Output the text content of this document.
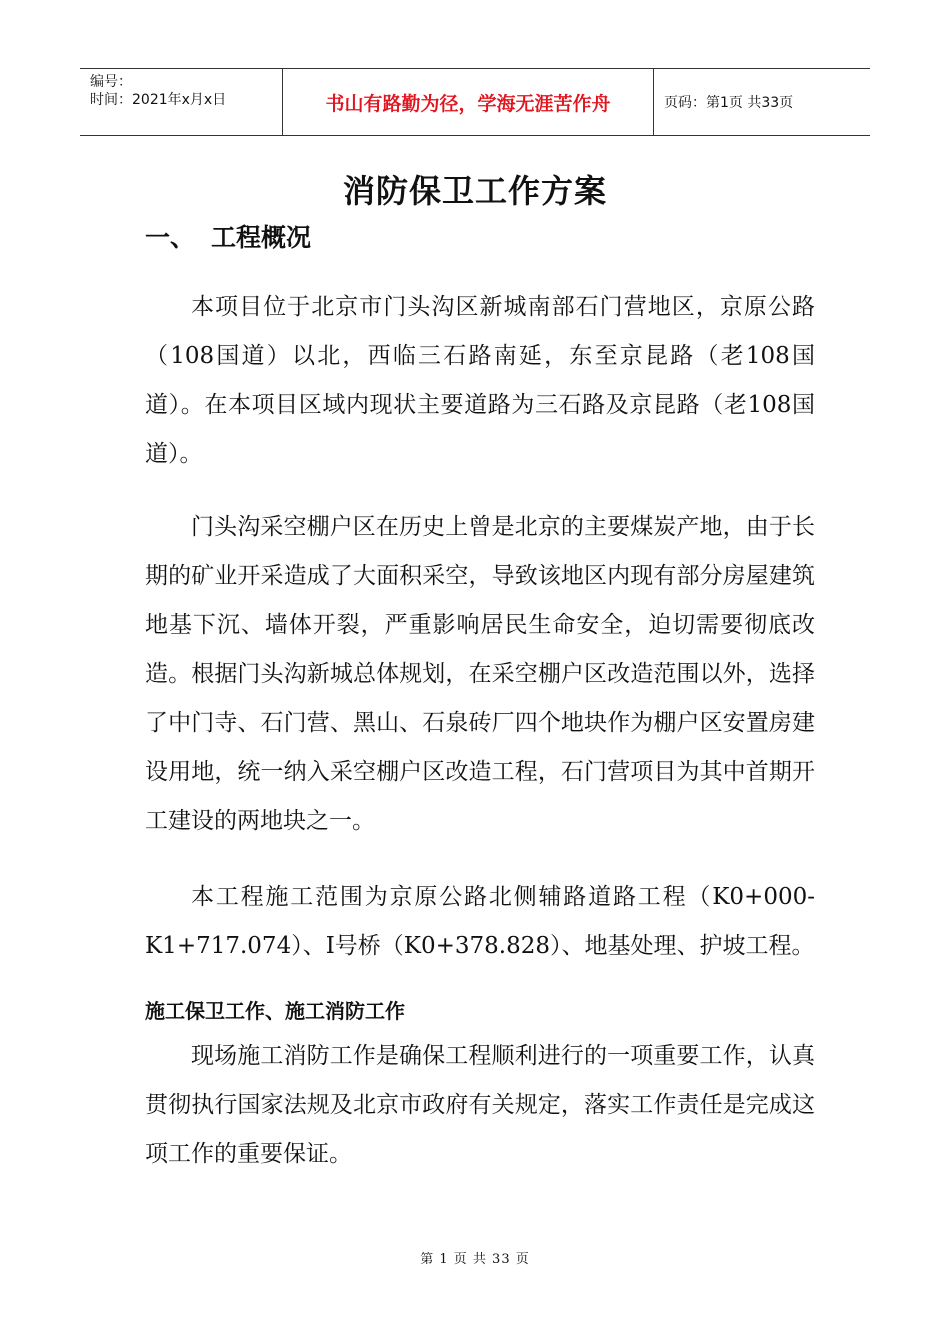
编号：
时间：2021年x月x日	书山有路勤为径，学海无涯苦作舟	页码：第1页 共33页
消防保卫工作方案
一、 工程概况
本项目位于北京市门头沟区新城南部石门营地区，京原公路（108国道）以北，西临三石路南延，东至京昆路（老108国道）。在本项目区域内现状主要道路为三石路及京昆路（老108国道）。
门头沟采空棚户区在历史上曾是北京的主要煤炭产地，由于长期的矿业开采造成了大面积采空，导致该地区内现有部分房屋建筑地基下沉、墙体开裂，严重影响居民生命安全，迫切需要彻底改造。根据门头沟新城总体规划，在采空棚户区改造范围以外，选择了中门寺、石门营、黑山、石泉砖厂四个地块作为棚户区安置房建设用地，统一纳入采空棚户区改造工程，石门营项目为其中首期开工建设的两地块之一。
本工程施工范围为京原公路北侧辅路道路工程（K0+000-K1+717.074）、I号桥（K0+378.828）、地基处理、护坡工程。
施工保卫工作、施工消防工作
现场施工消防工作是确保工程顺利进行的一项重要工作，认真贯彻执行国家法规及北京市政府有关规定，落实工作责任是完成这项工作的重要保证。
第 1 页 共 33 页
